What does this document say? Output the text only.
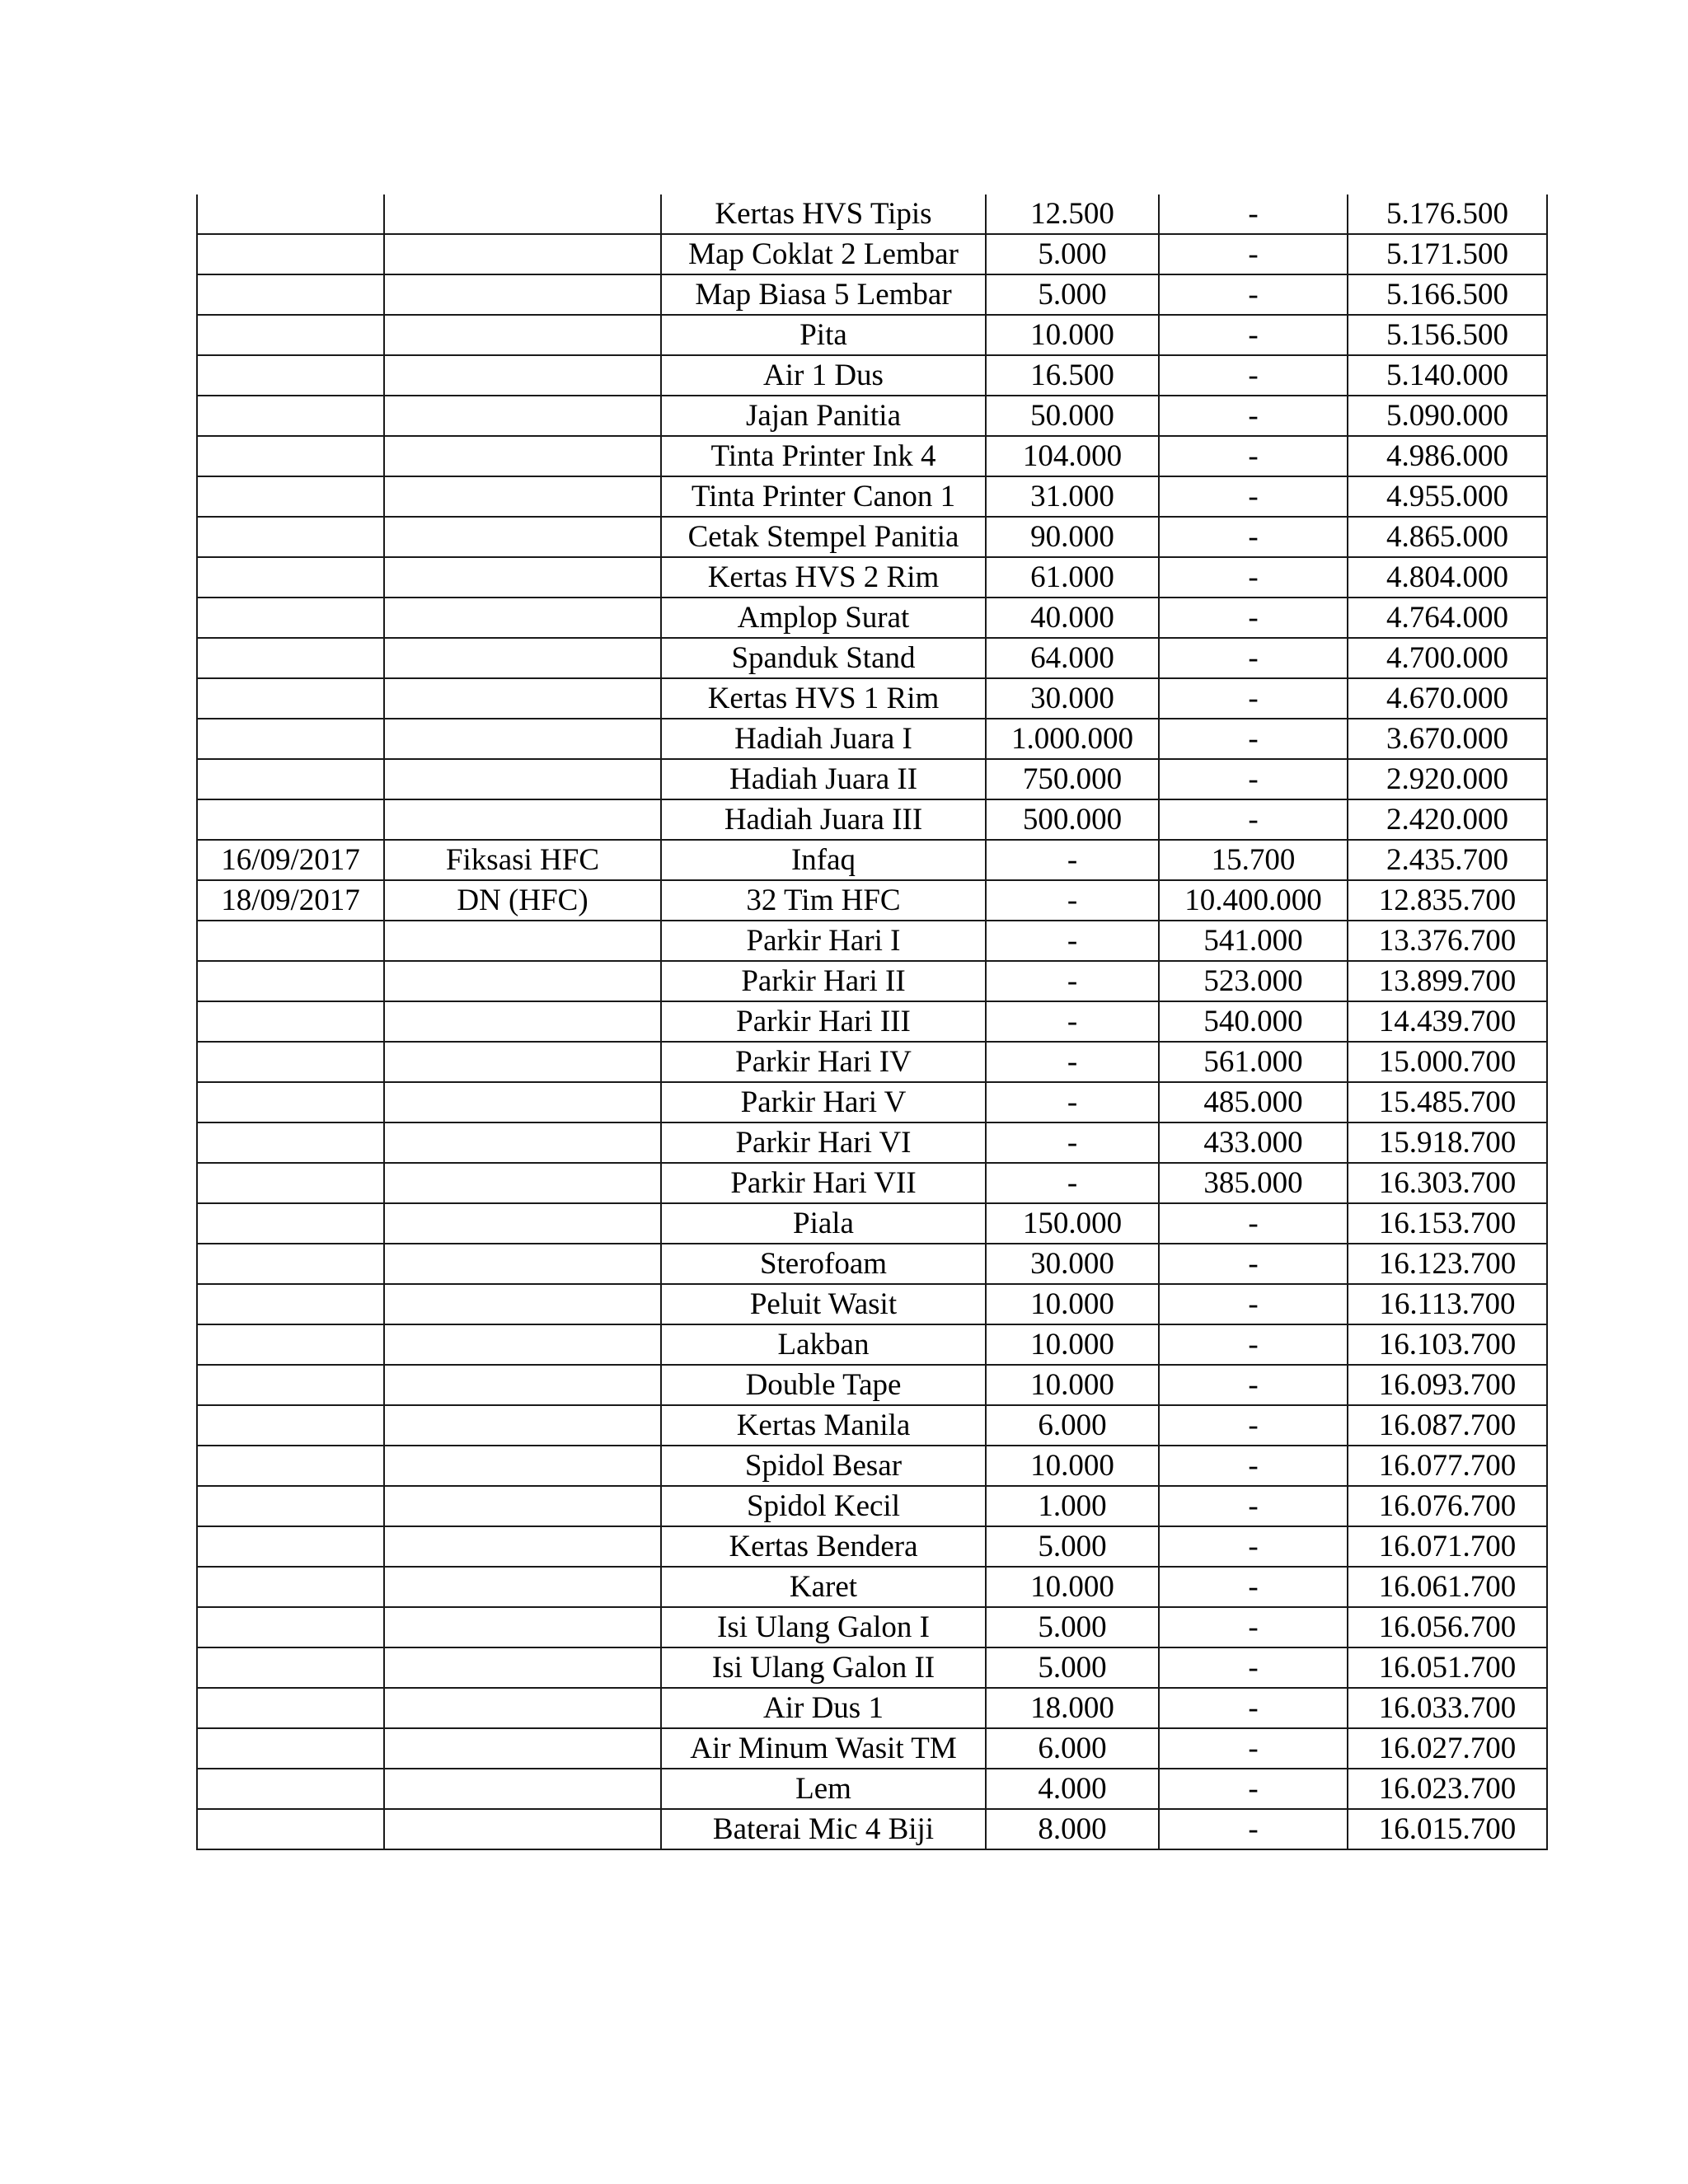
		Kertas HVS Tipis	12.500	-	5.176.500
		Map Coklat 2 Lembar	5.000	-	5.171.500
		Map Biasa 5 Lembar	5.000	-	5.166.500
		Pita	10.000	-	5.156.500
		Air 1 Dus	16.500	-	5.140.000
		Jajan Panitia	50.000	-	5.090.000
		Tinta Printer Ink 4	104.000	-	4.986.000
		Tinta Printer Canon 1	31.000	-	4.955.000
		Cetak Stempel Panitia	90.000	-	4.865.000
		Kertas HVS 2 Rim	61.000	-	4.804.000
		Amplop Surat	40.000	-	4.764.000
		Spanduk Stand	64.000	-	4.700.000
		Kertas HVS 1 Rim	30.000	-	4.670.000
		Hadiah Juara I	1.000.000	-	3.670.000
		Hadiah Juara II	750.000	-	2.920.000
		Hadiah Juara III	500.000	-	2.420.000
16/09/2017	Fiksasi HFC	Infaq	-	15.700	2.435.700
18/09/2017	DN (HFC)	32 Tim HFC	-	10.400.000	12.835.700
		Parkir Hari I	-	541.000	13.376.700
		Parkir Hari II	-	523.000	13.899.700
		Parkir Hari III	-	540.000	14.439.700
		Parkir Hari IV	-	561.000	15.000.700
		Parkir Hari V	-	485.000	15.485.700
		Parkir Hari VI	-	433.000	15.918.700
		Parkir Hari VII	-	385.000	16.303.700
		Piala	150.000	-	16.153.700
		Sterofoam	30.000	-	16.123.700
		Peluit Wasit	10.000	-	16.113.700
		Lakban	10.000	-	16.103.700
		Double Tape	10.000	-	16.093.700
		Kertas Manila	6.000	-	16.087.700
		Spidol Besar	10.000	-	16.077.700
		Spidol Kecil	1.000	-	16.076.700
		Kertas Bendera	5.000	-	16.071.700
		Karet	10.000	-	16.061.700
		Isi Ulang Galon I	5.000	-	16.056.700
		Isi Ulang Galon II	5.000	-	16.051.700
		Air Dus 1	18.000	-	16.033.700
		Air Minum Wasit TM	6.000	-	16.027.700
		Lem	4.000	-	16.023.700
		Baterai Mic 4 Biji	8.000	-	16.015.700
